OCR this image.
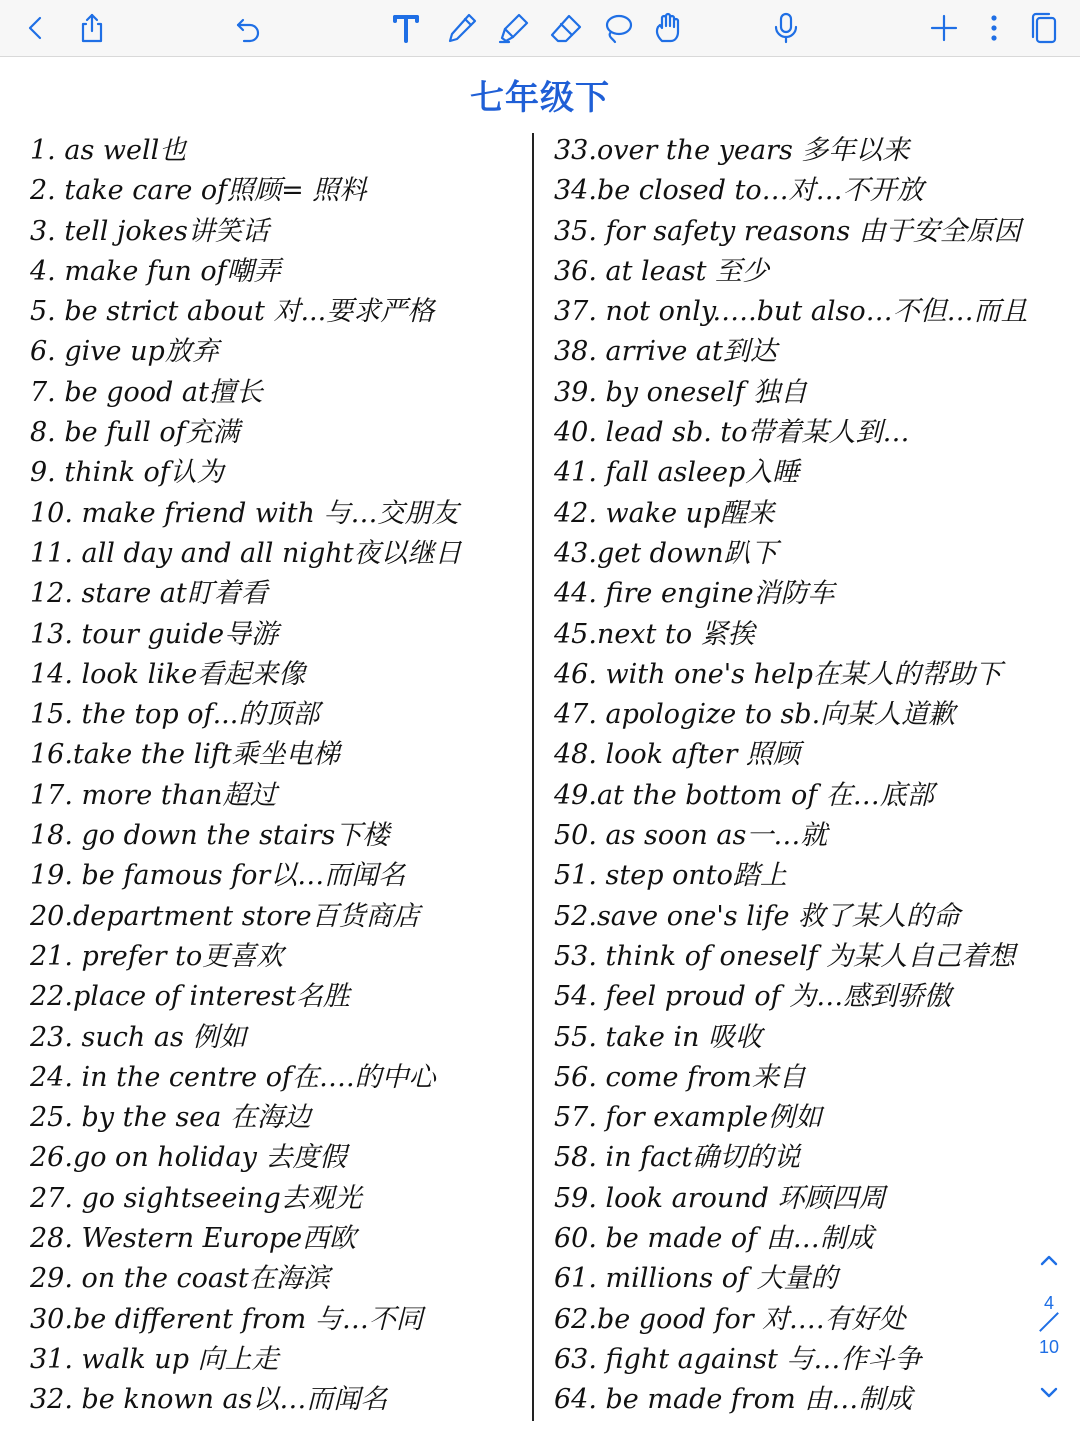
七年级下
1. as well也
2. take care of照顾= 照料
3. tell jokes讲笑话
4. make fun of嘲弄
5. be strict about 对...要求严格
6. give up放弃
7. be good at擅长
8. be full of充满
9. think of认为
10. make friend with 与…交朋友
11. all day and all night夜以继日
12. stare at盯着看
13. tour guide导游
14. look like看起来像
15. the top of...的顶部
16.take the lift乘坐电梯
17. more than超过
18. go down the stairs下楼
19. be famous for以…而闻名
20.department store百货商店
21. prefer to更喜欢
22.place of interest名胜
23. such as 例如
24. in the centre of在….的中心
25. by the sea 在海边
26.go on holiday 去度假
27. go sightseeing去观光
28. Western Europe西欧
29. on the coast在海滨
30.be different from 与…不同
31. walk up 向上走
32. be known as以…而闻名
33.over the years 多年以来
34.be closed to…对…不开放
35. for safety reasons 由于安全原因
36. at least 至少
37. not only.….but also…不但…而且
38. arrive at到达
39. by oneself 独自
40. lead sb. to带着某人到…
41. fall asleep入睡
42. wake up醒来
43.get down趴下
44. fire engine消防车
45.next to 紧挨
46. with one's help在某人的帮助下
47. apologize to sb.向某人道歉
48. look after 照顾
49.at the bottom of 在…底部
50. as soon as一…就
51. step onto踏上
52.save one's life 救了某人的命
53. think of oneself 为某人自己着想
54. feel proud of 为…感到骄傲
55. take in 吸收
56. come from来自
57. for example例如
58. in fact确切的说
59. look around 环顾四周
60. be made of 由…制成
61. millions of 大量的
62.be good for 对.…有好处
63. fight against 与…作斗争
64. be made from 由…制成
4
10
